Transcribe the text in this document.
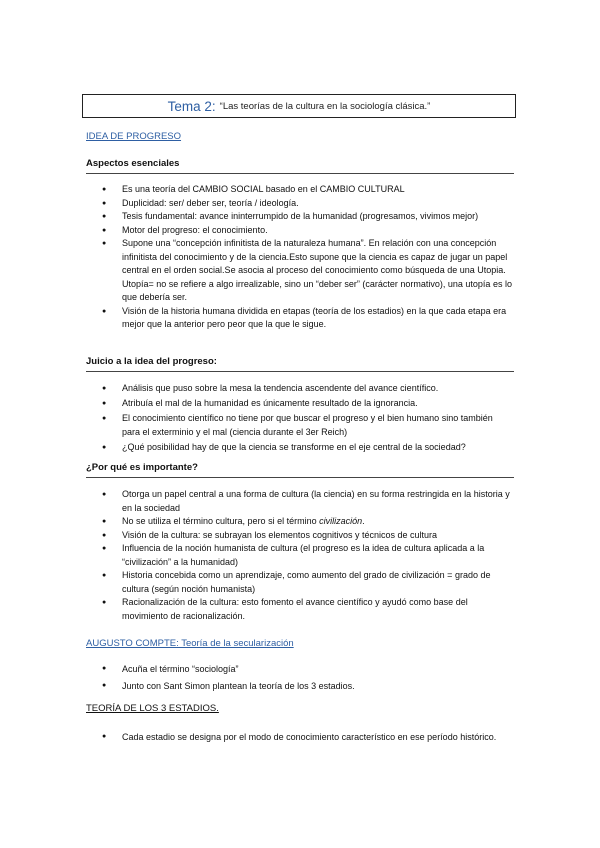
Tema 2: “Las teorías de la cultura en la sociología clásica.”
IDEA DE PROGRESO
Aspectos esenciales
● Es una teoría del CAMBIO SOCIAL basado en el CAMBIO CULTURAL
● Duplicidad: ser/ deber ser, teoría / ideología.
● Tesis fundamental: avance ininterrumpido de la humanidad (progresamos, vivimos mejor)
● Motor del progreso: el conocimiento.
● Supone una “concepción infinitista de la naturaleza humana”. En relación con una concepción infinitista del conocimiento y de la ciencia.Esto supone que la ciencia es capaz de jugar un papel central en el orden social.Se asocia al proceso del conocimiento como búsqueda de una Utopia. Utopía= no se refiere a algo irrealizable, sino un “deber ser” (carácter normativo), una utopía es lo que debería ser.
● Visión de la historia humana dividida en etapas (teoría de los estadios) en la que cada etapa era mejor que la anterior pero peor que la que le sigue.
Juicio a la idea del progreso:
● Análisis que puso sobre la mesa la tendencia ascendente del avance científico.
● Atribuía el mal de la humanidad es únicamente resultado de la ignorancia.
● El conocimiento científico no tiene por que buscar el progreso y el bien humano sino también para el exterminio y el mal (ciencia durante el 3er Reich)
● ¿Qué posibilidad hay de que la ciencia se transforme en el eje central de la sociedad?
¿Por qué es importante?
● Otorga un papel central a una forma de cultura (la ciencia) en su forma restringida en la historia y en la sociedad
● No se utiliza el término cultura, pero si el término civilización.
● Visión de la cultura: se subrayan los elementos cognitivos y técnicos de cultura
● Influencia de la noción humanista de cultura (el progreso es la idea de cultura aplicada a la “civilización” a la humanidad)
● Historia concebida como un aprendizaje, como aumento del grado de civilización = grado de cultura (según noción humanista)
● Racionalización de la cultura: esto fomento el avance científico y ayudó como base del movimiento de racionalización.
AUGUSTO COMPTE: Teoría de la secularización
● Acuña el término “sociología”
● Junto con Sant Simon plantean la teoría de los 3 estadios.
TEORÍA DE LOS 3 ESTADIOS.
● Cada estadio se designa por el modo de conocimiento característico en ese período histórico.
